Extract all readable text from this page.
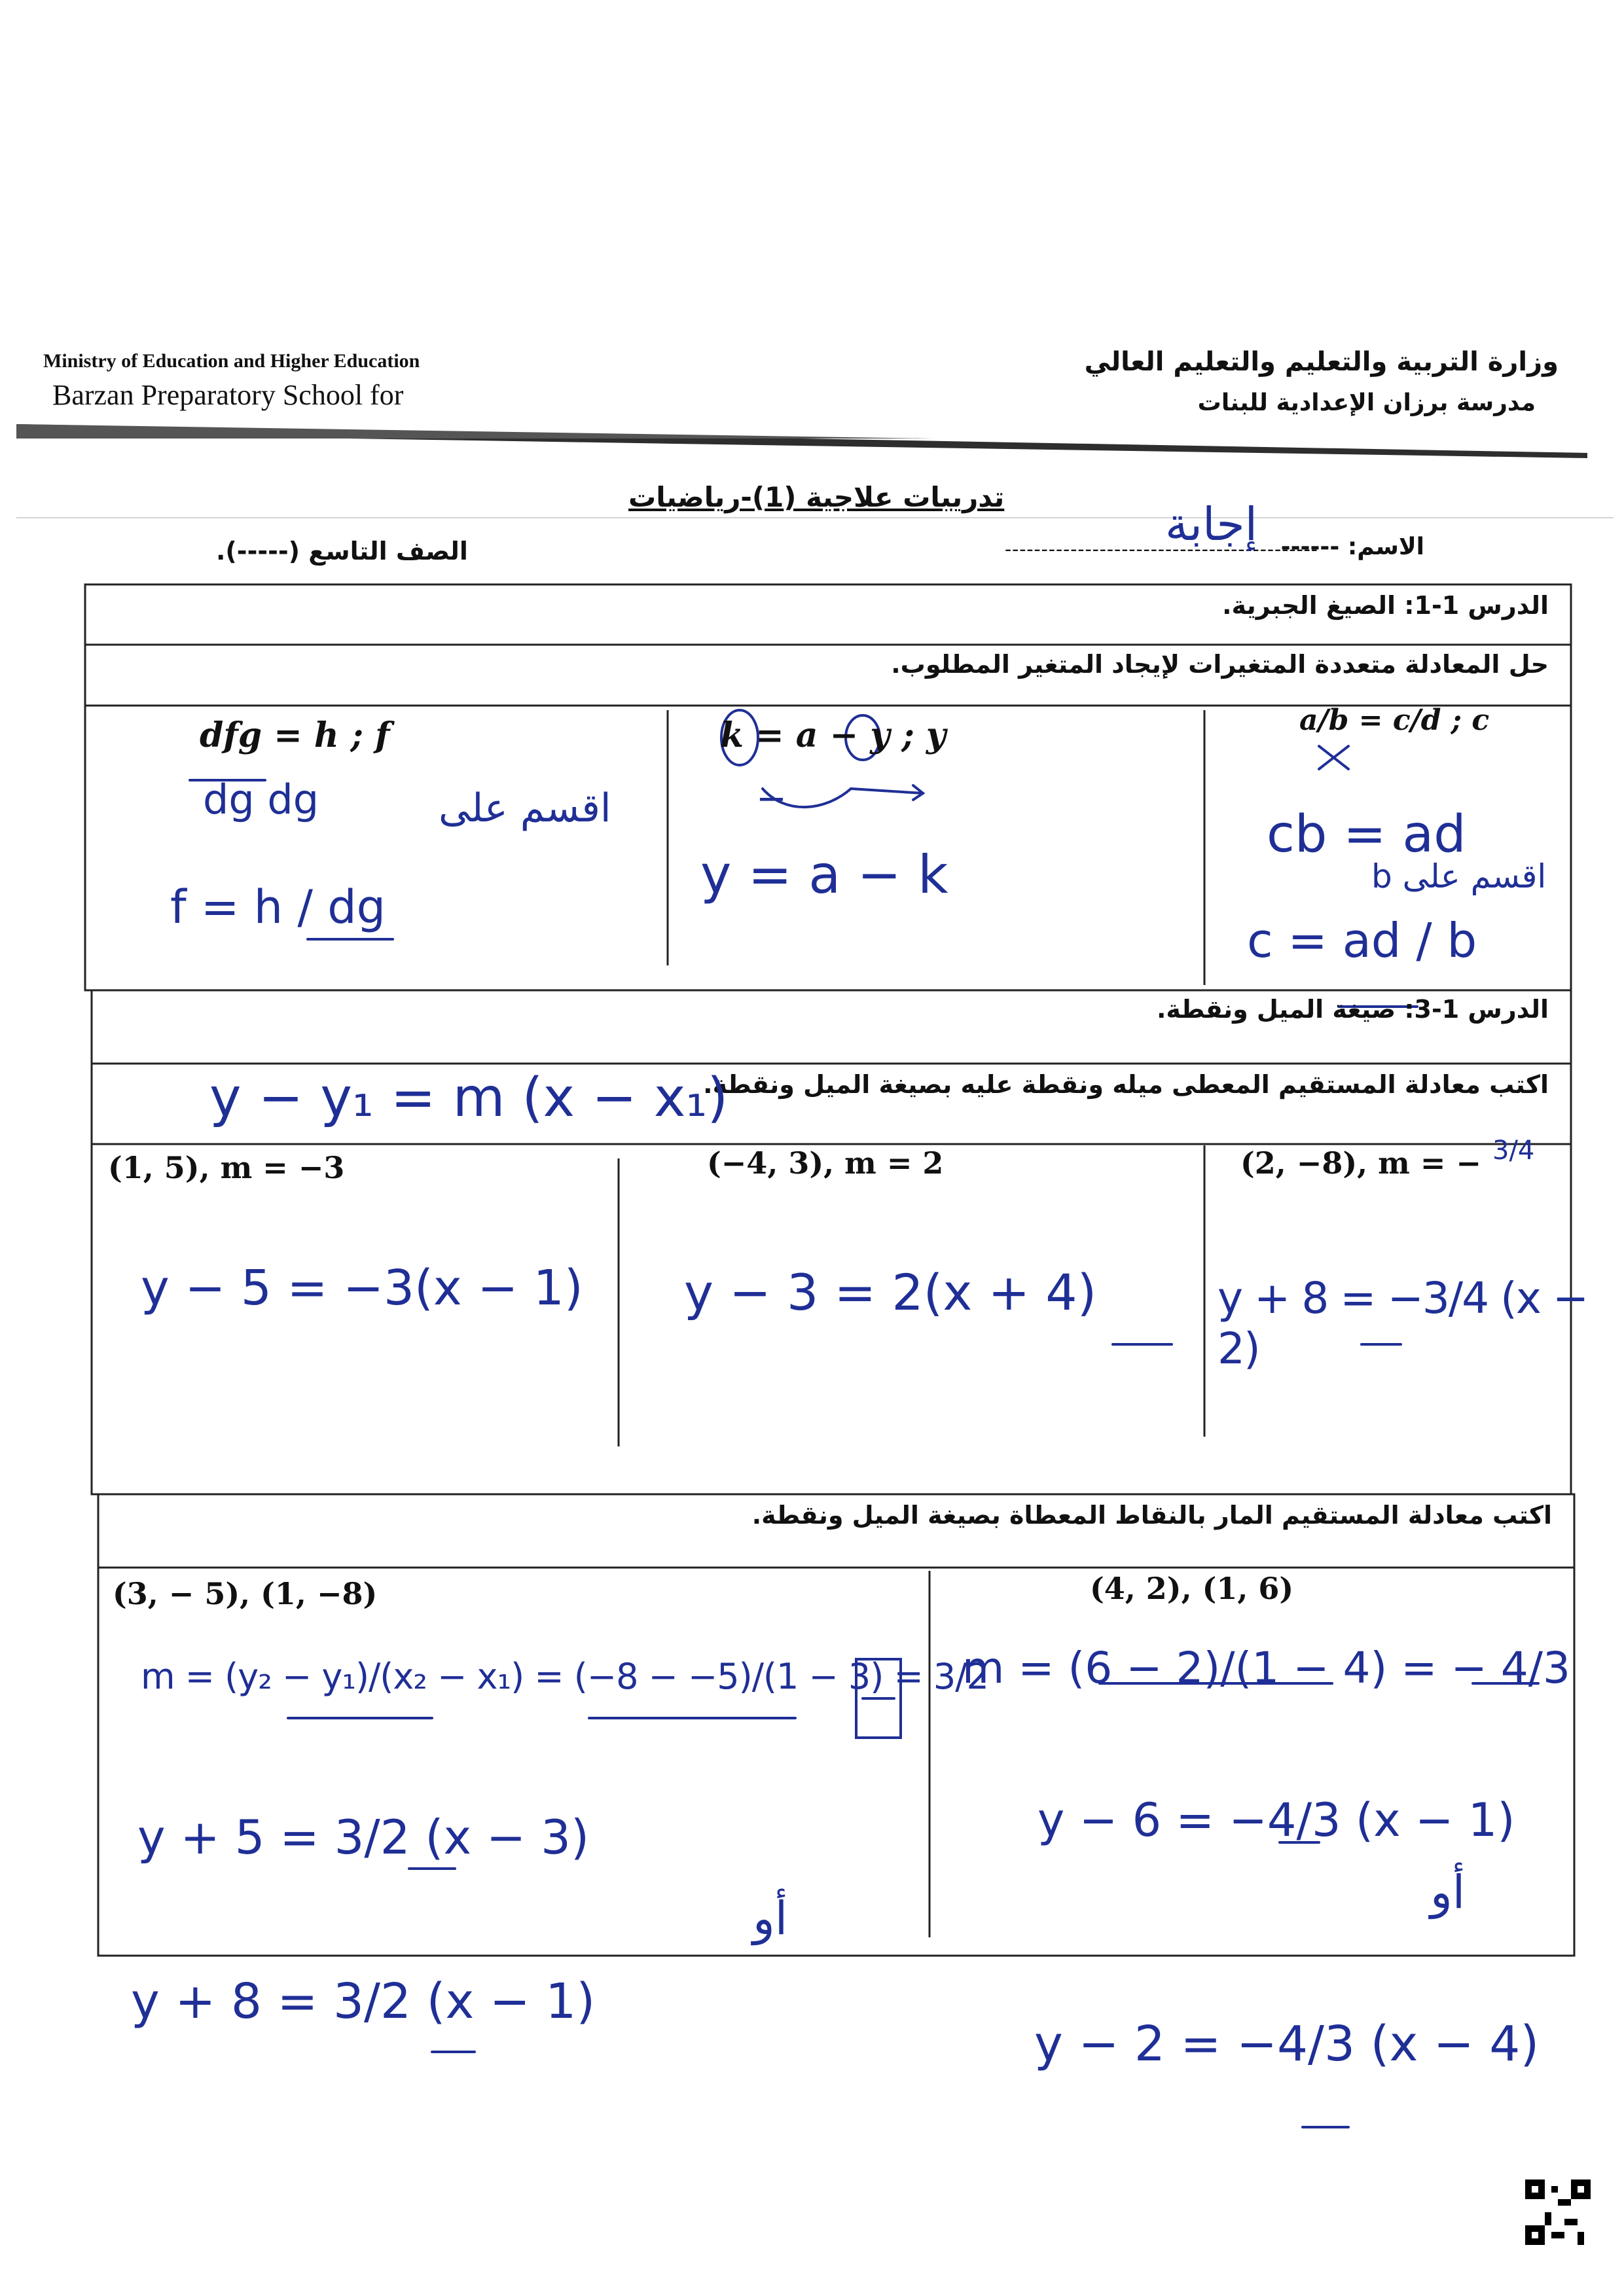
Ministry of Education and Higher Education
Barzan Preparatory School for
وزارة التربية والتعليم والتعليم العالي
مدرسة برزان الإعدادية للبنات
تدريبات علاجية (1)-رياضيات
الصف التاسع (-----).	الاسم: ------
-------------------------------------------
إجابة
الدرس 1-1: الصيغ الجبرية.
حل المعادلة متعددة المتغيرات لإيجاد المتغير المطلوب.
dfg = h ; f
dg dg	اقسم على
f = h / dg
k = a − y ; y
−
y = a − k
a/b = c/d ; c
cb = ad
اقسم على b
c = ad / b
الدرس 1-3: صيغة الميل ونقطة.
اكتب معادلة المستقيم المعطى ميله ونقطة عليه بصيغة الميل ونقطة.
y − y₁ = m (x − x₁)
(1, 5), m = −3
y − 5 = −3(x − 1)
(−4, 3), m = 2
y − 3 = 2(x + 4)
(2, −8), m = − 3/4
y + 8 = −3/4 (x − 2)
اكتب معادلة المستقيم المار بالنقاط المعطاة بصيغة الميل ونقطة.
(3, − 5), (1, −8)
m = (y₂ − y₁)/(x₂ − x₁) = (−8 − −5)/(1 − 3) = 3/2
y + 5 = 3/2 (x − 3)
أو
y + 8 = 3/2 (x − 1)
(4, 2), (1, 6)
m = (6 − 2)/(1 − 4) = − 4/3
y − 6 = −4/3 (x − 1)
أو
y − 2 = −4/3 (x − 4)
